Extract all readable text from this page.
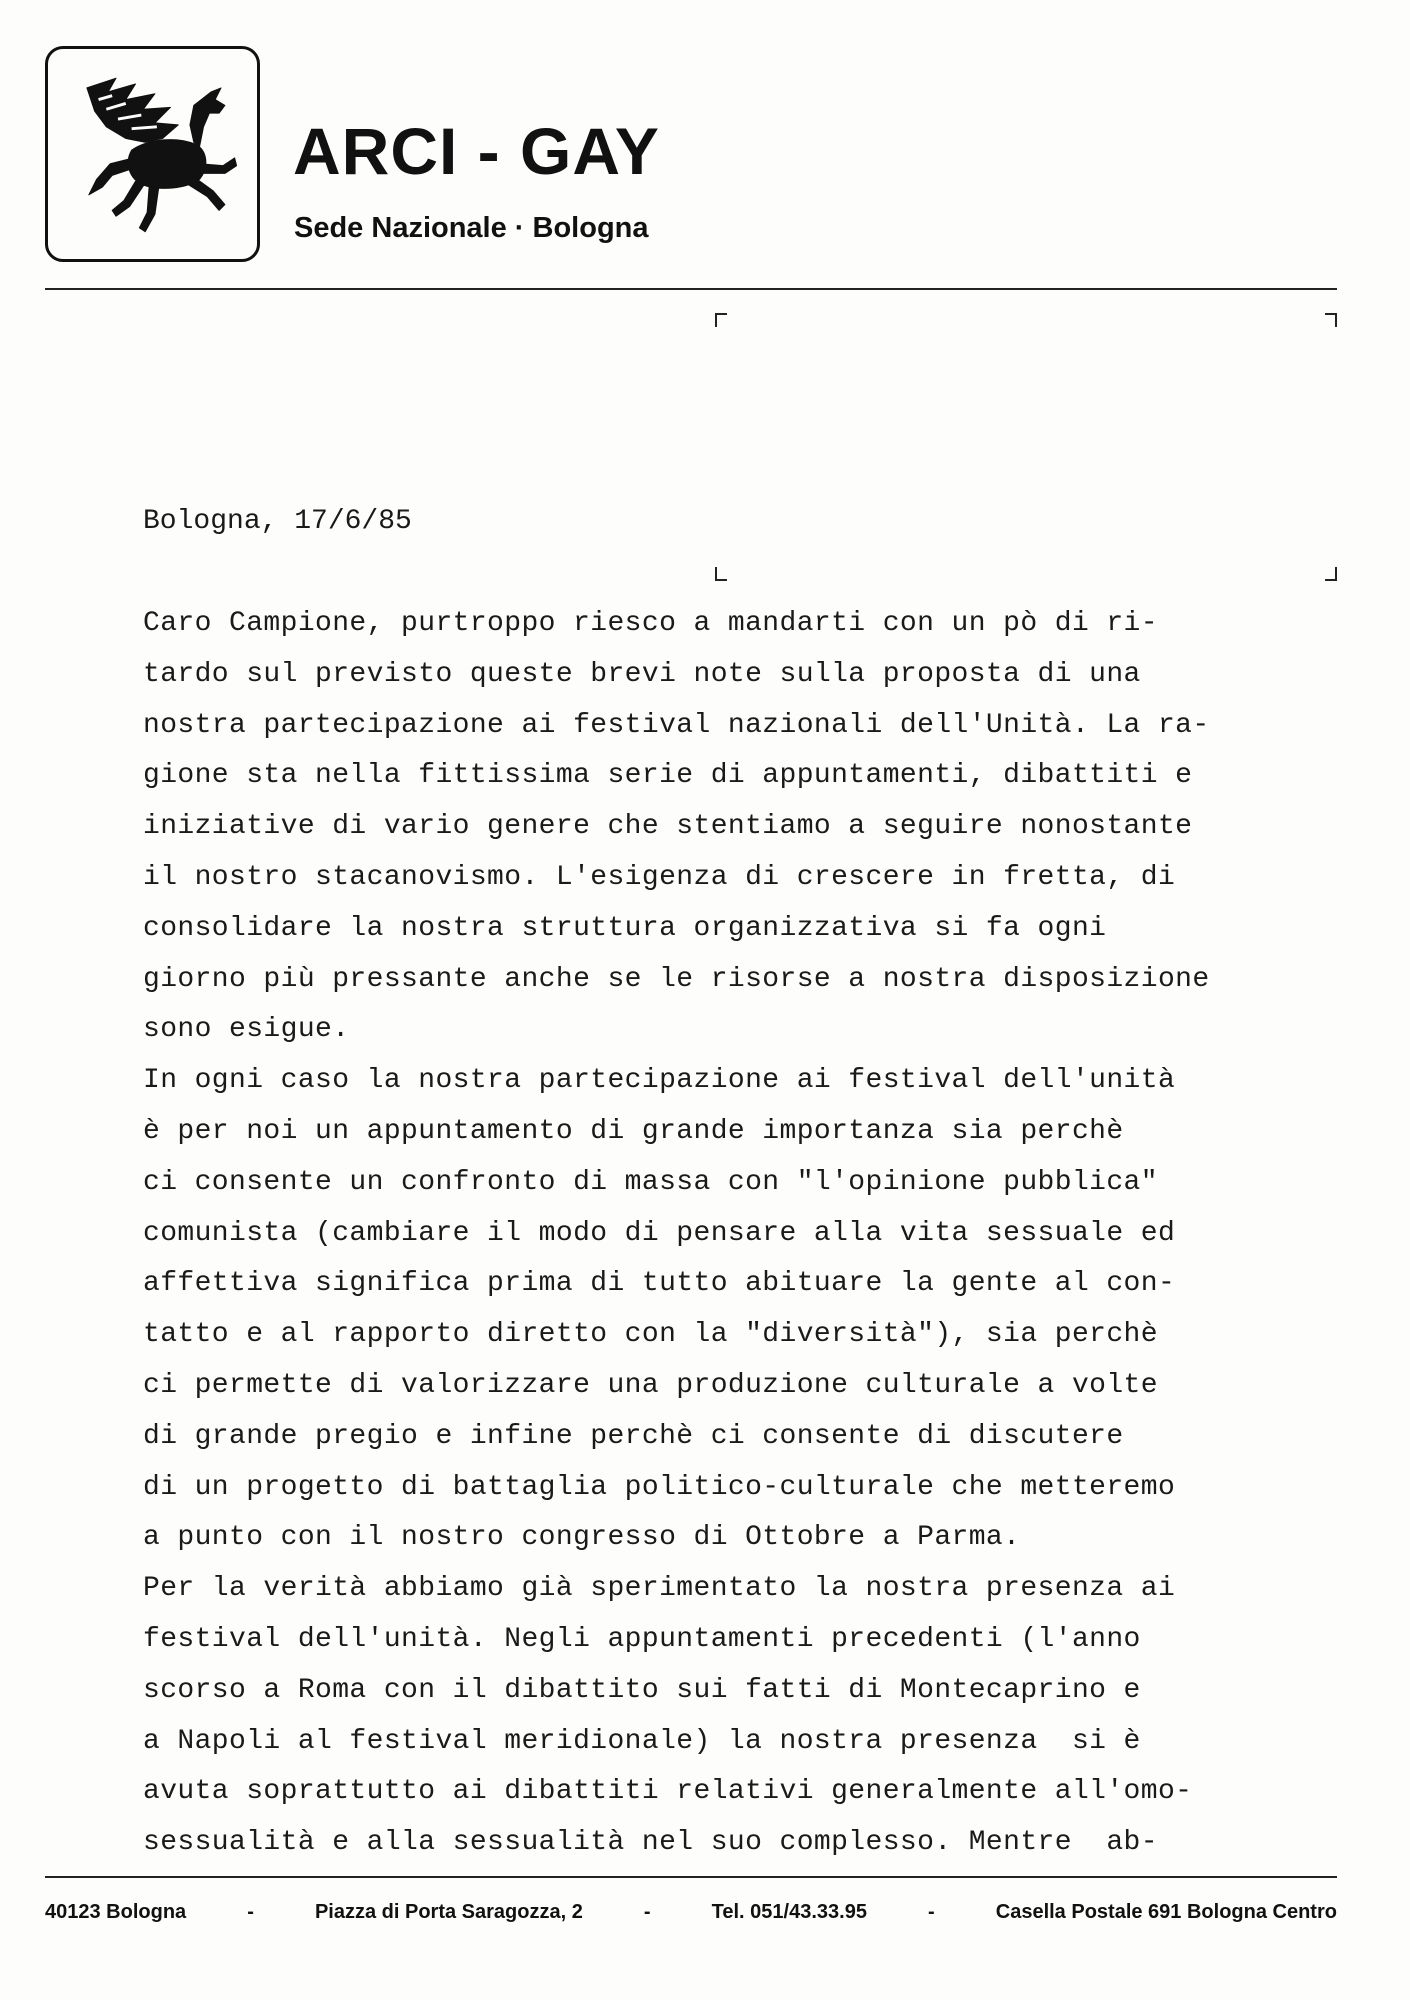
ARCI - GAY
Sede Nazionale · Bologna
Bologna, 17/6/85
Caro Campione, purtroppo riesco a mandarti con un pò di ri-
tardo sul previsto queste brevi note sulla proposta di una
nostra partecipazione ai festival nazionali dell'Unità. La ra-
gione sta nella fittissima serie di appuntamenti, dibattiti e
iniziative di vario genere che stentiamo a seguire nonostante
il nostro stacanovismo. L'esigenza di crescere in fretta, di
consolidare la nostra struttura organizzativa si fa ogni
giorno più pressante anche se le risorse a nostra disposizione
sono esigue.
In ogni caso la nostra partecipazione ai festival dell'unità
è per noi un appuntamento di grande importanza sia perchè
ci consente un confronto di massa con "l'opinione pubblica"
comunista (cambiare il modo di pensare alla vita sessuale ed
affettiva significa prima di tutto abituare la gente al con-
tatto e al rapporto diretto con la "diversità"), sia perchè
ci permette di valorizzare una produzione culturale a volte
di grande pregio e infine perchè ci consente di discutere
di un progetto di battaglia politico-culturale che metteremo
a punto con il nostro congresso di Ottobre a Parma.
Per la verità abbiamo già sperimentato la nostra presenza ai
festival dell'unità. Negli appuntamenti precedenti (l'anno
scorso a Roma con il dibattito sui fatti di Montecaprino e
a Napoli al festival meridionale) la nostra presenza  si è
avuta soprattutto ai dibattiti relativi generalmente all'omo-
sessualità e alla sessualità nel suo complesso. Mentre  ab-
40123 Bologna	-	Piazza di Porta Saragozza, 2	-	Tel. 051/43.33.95	-	Casella Postale 691 Bologna Centro
